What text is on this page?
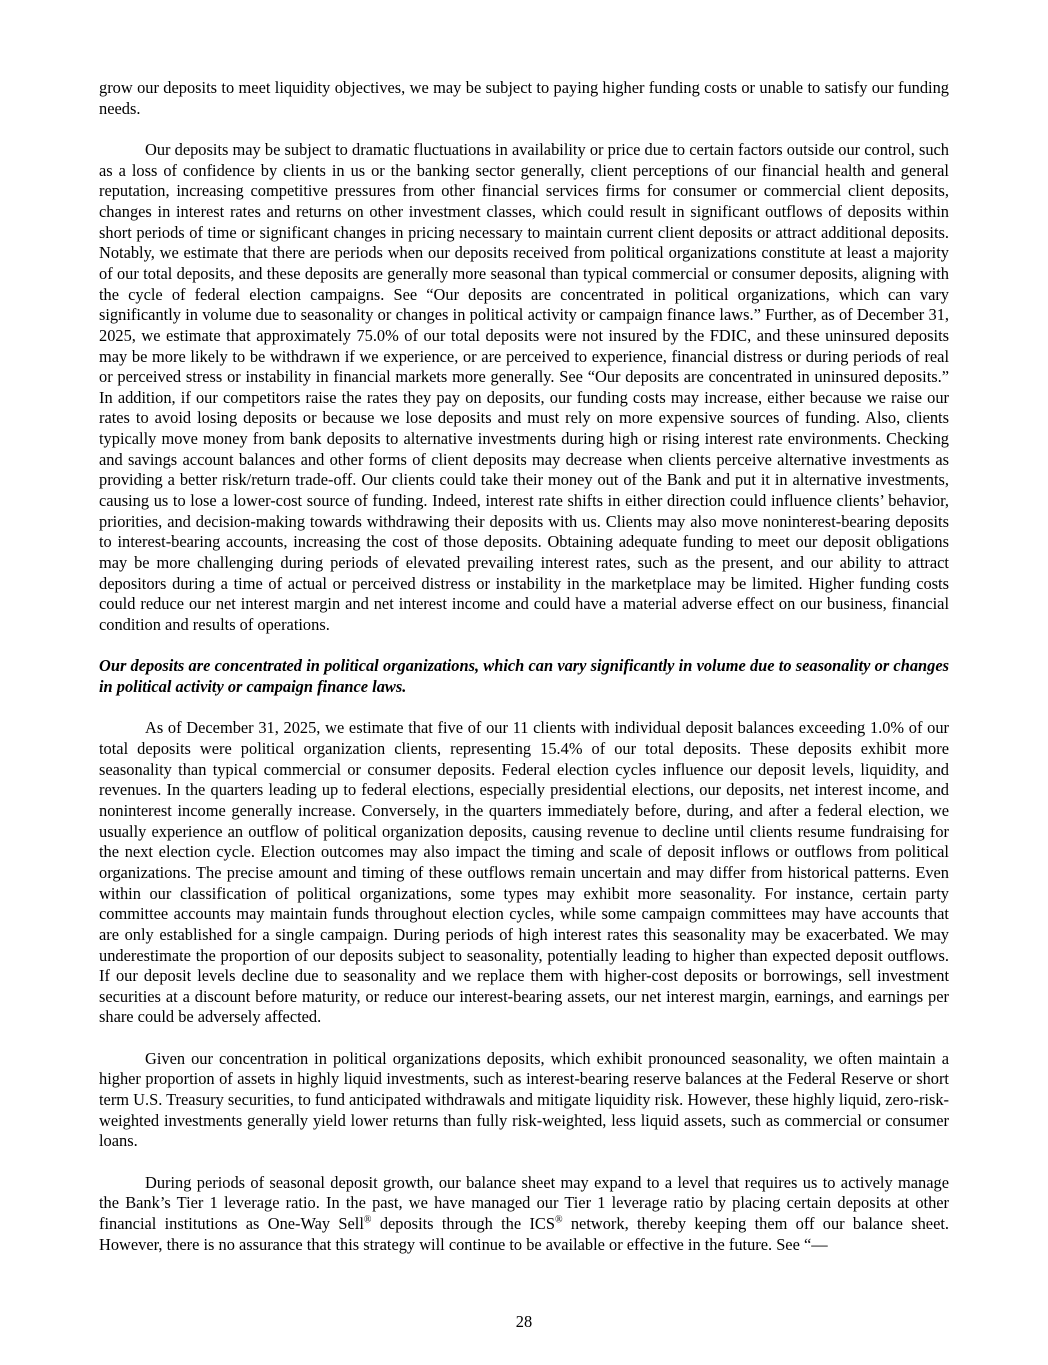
grow our deposits to meet liquidity objectives, we may be subject to paying higher funding costs or unable to satisfy our funding needs.

Our deposits may be subject to dramatic fluctuations in availability or price due to certain factors outside our control, such as a loss of confidence by clients in us or the banking sector generally, client perceptions of our financial health and general reputation, increasing competitive pressures from other financial services firms for consumer or commercial client deposits, changes in interest rates and returns on other investment classes, which could result in significant outflows of deposits within short periods of time or significant changes in pricing necessary to maintain current client deposits or attract additional deposits. Notably, we estimate that there are periods when our deposits received from political organizations constitute at least a majority of our total deposits, and these deposits are generally more seasonal than typical commercial or consumer deposits, aligning with the cycle of federal election campaigns. See “Our deposits are concentrated in political organizations, which can vary significantly in volume due to seasonality or changes in political activity or campaign finance laws.” Further, as of December 31, 2025, we estimate that approximately 75.0% of our total deposits were not insured by the FDIC, and these uninsured deposits may be more likely to be withdrawn if we experience, or are perceived to experience, financial distress or during periods of real or perceived stress or instability in financial markets more generally. See “Our deposits are concentrated in uninsured deposits.” In addition, if our competitors raise the rates they pay on deposits, our funding costs may increase, either because we raise our rates to avoid losing deposits or because we lose deposits and must rely on more expensive sources of funding. Also, clients typically move money from bank deposits to alternative investments during high or rising interest rate environments. Checking and savings account balances and other forms of client deposits may decrease when clients perceive alternative investments as providing a better risk/return trade-off. Our clients could take their money out of the Bank and put it in alternative investments, causing us to lose a lower-cost source of funding. Indeed, interest rate shifts in either direction could influence clients’ behavior, priorities, and decision-making towards withdrawing their deposits with us. Clients may also move noninterest-bearing deposits to interest-bearing accounts, increasing the cost of those deposits. Obtaining adequate funding to meet our deposit obligations may be more challenging during periods of elevated prevailing interest rates, such as the present, and our ability to attract depositors during a time of actual or perceived distress or instability in the marketplace may be limited. Higher funding costs could reduce our net interest margin and net interest income and could have a material adverse effect on our business, financial condition and results of operations.

Our deposits are concentrated in political organizations, which can vary significantly in volume due to seasonality or changes in political activity or campaign finance laws.

As of December 31, 2025, we estimate that five of our 11 clients with individual deposit balances exceeding 1.0% of our total deposits were political organization clients, representing 15.4% of our total deposits. These deposits exhibit more seasonality than typical commercial or consumer deposits. Federal election cycles influence our deposit levels, liquidity, and revenues. In the quarters leading up to federal elections, especially presidential elections, our deposits, net interest income, and noninterest income generally increase. Conversely, in the quarters immediately before, during, and after a federal election, we usually experience an outflow of political organization deposits, causing revenue to decline until clients resume fundraising for the next election cycle. Election outcomes may also impact the timing and scale of deposit inflows or outflows from political organizations. The precise amount and timing of these outflows remain uncertain and may differ from historical patterns. Even within our classification of political organizations, some types may exhibit more seasonality. For instance, certain party committee accounts may maintain funds throughout election cycles, while some campaign committees may have accounts that are only established for a single campaign. During periods of high interest rates this seasonality may be exacerbated. We may underestimate the proportion of our deposits subject to seasonality, potentially leading to higher than expected deposit outflows. If our deposit levels decline due to seasonality and we replace them with higher-cost deposits or borrowings, sell investment securities at a discount before maturity, or reduce our interest-bearing assets, our net interest margin, earnings, and earnings per share could be adversely affected.

Given our concentration in political organizations deposits, which exhibit pronounced seasonality, we often maintain a higher proportion of assets in highly liquid investments, such as interest-bearing reserve balances at the Federal Reserve or short term U.S. Treasury securities, to fund anticipated withdrawals and mitigate liquidity risk. However, these highly liquid, zero-risk-weighted investments generally yield lower returns than fully risk-weighted, less liquid assets, such as commercial or consumer loans.

During periods of seasonal deposit growth, our balance sheet may expand to a level that requires us to actively manage the Bank’s Tier 1 leverage ratio. In the past, we have managed our Tier 1 leverage ratio by placing certain deposits at other financial institutions as One-Way Sell® deposits through the ICS® network, thereby keeping them off our balance sheet. However, there is no assurance that this strategy will continue to be available or effective in the future. See “—

28
